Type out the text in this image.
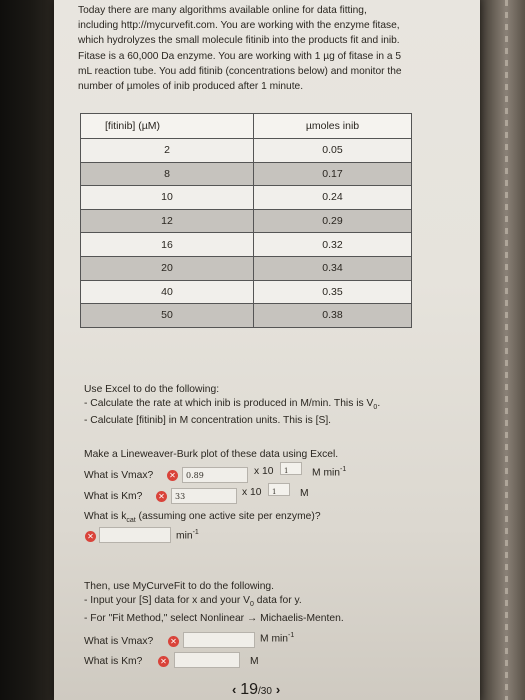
Today there are many algorithms available online for data fitting,

including http://mycurvefit.com. You are working with the enzyme fitase,

which hydrolyzes the small molecule fitinib into the products fit and inib.

Fitase is a 60,000 Da enzyme. You are working with 1 µg of fitase in a 5

mL reaction tube. You add fitinib (concentrations below) and monitor the

number of µmoles of inib produced after 1 minute.

[fitinib] (µM)	µmoles inib
2	0.05
8	0.17
10	0.24
12	0.29
16	0.32
20	0.34
40	0.35
50	0.38

Use Excel to do the following:

- Calculate the rate at which inib is produced in M/min. This is $V_0$.

- Calculate [fitinib] in M concentration units. This is [S].

Make a Lineweaver-Burk plot of these data using Excel.
What is Vmax? ✕	0.89	x 10	1	M $\min^{-1}$
What is Km? ✕	33	x 10	1	M
What is $k_{cat}$ (assuming one active site per enzyme)?
✕	$\min^{-1}$

Then, use MyCurveFit to do the following.

- Input your [S] data for x and your $V_0$ data for y.

- For "Fit Method," select Nonlinear → Michaelis-Menten.

What is Vmax? ✕	M $\min^{-1}$
What is Km? ✕	M
‹ 19/30 ›
